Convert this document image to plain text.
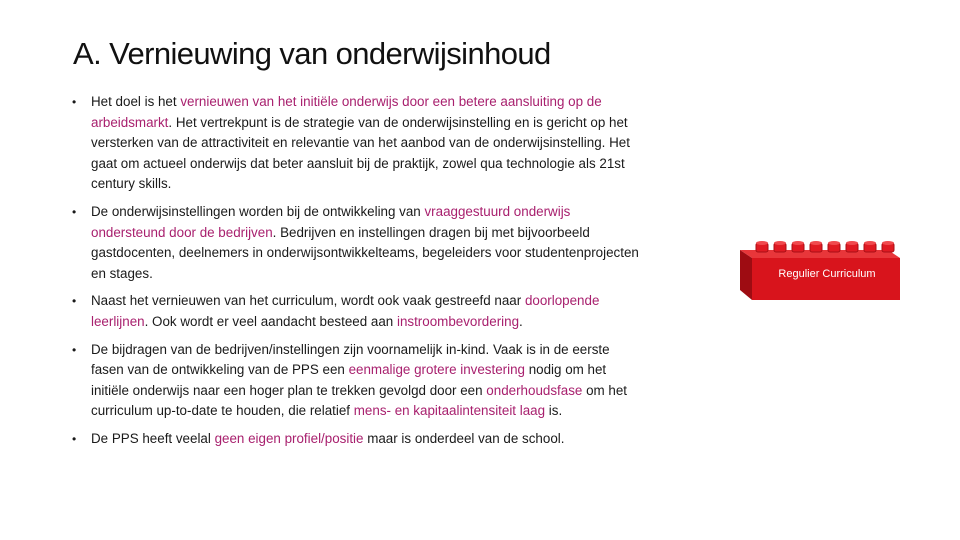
A. Vernieuwing van onderwijsinhoud
• Het doel is het vernieuwen van het initiële onderwijs door een betere aansluiting op de arbeidsmarkt. Het vertrekpunt is de strategie van de onderwijsinstelling en is gericht op het versterken van de attractiviteit en relevantie van het aanbod van de onderwijsinstelling. Het gaat om actueel onderwijs dat beter aansluit bij de praktijk, zowel qua technologie als 21st century skills.
• De onderwijsinstellingen worden bij de ontwikkeling van vraaggestuurd onderwijs ondersteund door de bedrijven. Bedrijven en instellingen dragen bij met bijvoorbeeld gastdocenten, deelnemers in onderwijsontwikkelteams, begeleiders voor studentenprojecten en stages.
• Naast het vernieuwen van het curriculum, wordt ook vaak gestreefd naar doorlopende leerlijnen. Ook wordt er veel aandacht besteed aan instroombevordering.
• De bijdragen van de bedrijven/instellingen zijn voornamelijk in-kind. Vaak is in de eerste fasen van de ontwikkeling van de PPS een eenmalige grotere investering nodig om het initiële onderwijs naar een hoger plan te trekken gevolgd door een onderhoudsfase om het curriculum up-to-date te houden, die relatief mens- en kapitaalintensiteit laag is.
• De PPS heeft veelal geen eigen profiel/positie maar is onderdeel van de school.
Regulier Curriculum
